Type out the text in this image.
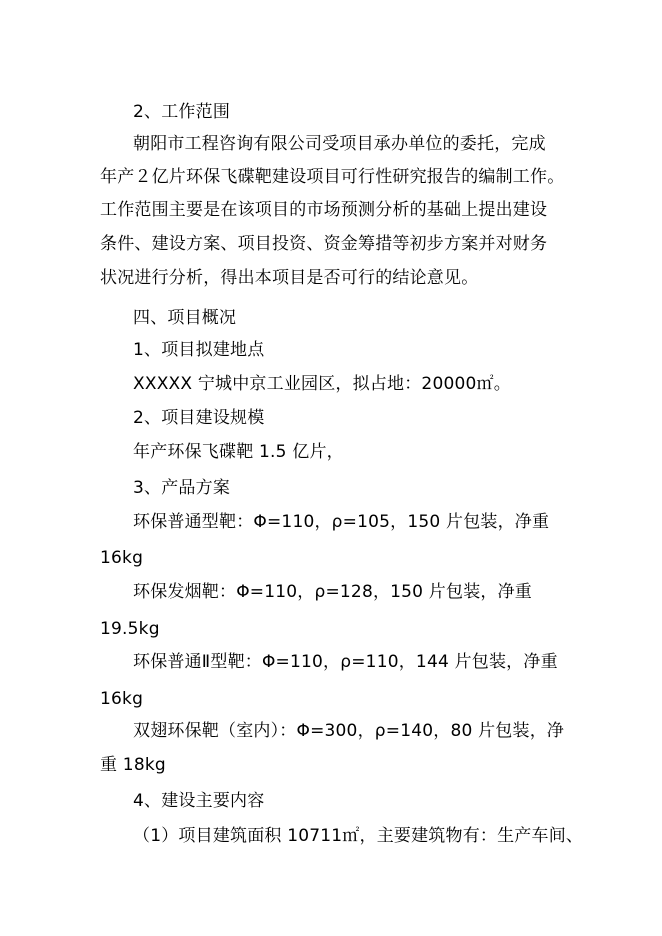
2、工作范围
朝阳市工程咨询有限公司受项目承办单位的委托，完成
年产２亿片环保飞碟靶建设项目可行性研究报告的编制工作。
工作范围主要是在该项目的市场预测分析的基础上提出建设
条件、建设方案、项目投资、资金筹措等初步方案并对财务
状况进行分析，得出本项目是否可行的结论意见。
四、项目概况
1、项目拟建地点
XXXXX 宁城中京工业园区，拟占地：20000㎡。
2、项目建设规模
年产环保飞碟靶 1.5 亿片，
3、产品方案
环保普通型靶：Φ=110，ρ=105，150 片包装，净重
16kg
环保发烟靶：Φ=110，ρ=128，150 片包装，净重
19.5kg
环保普通Ⅱ型靶：Φ=110，ρ=110，144 片包装，净重
16kg
双翅环保靶（室内）：Φ=300，ρ=140，80 片包装，净
重 18kg
4、建设主要内容
（1）项目建筑面积 10711㎡，主要建筑物有：生产车间、
